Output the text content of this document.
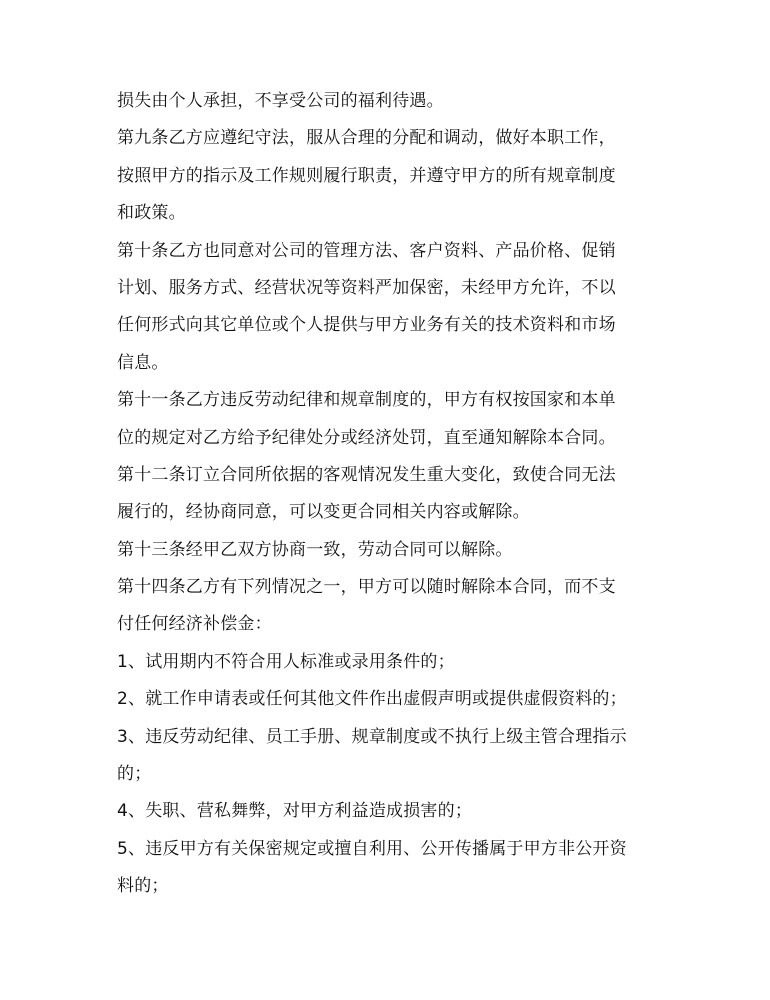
损失由个人承担，不享受公司的福利待遇。
第九条乙方应遵纪守法，服从合理的分配和调动，做好本职工作，
按照甲方的指示及工作规则履行职责，并遵守甲方的所有规章制度
和政策。
第十条乙方也同意对公司的管理方法、客户资料、产品价格、促销
计划、服务方式、经营状况等资料严加保密，未经甲方允许，不以
任何形式向其它单位或个人提供与甲方业务有关的技术资料和市场
信息。
第十一条乙方违反劳动纪律和规章制度的，甲方有权按国家和本单
位的规定对乙方给予纪律处分或经济处罚，直至通知解除本合同。
第十二条订立合同所依据的客观情况发生重大变化，致使合同无法
履行的，经协商同意，可以变更合同相关内容或解除。
第十三条经甲乙双方协商一致，劳动合同可以解除。
第十四条乙方有下列情况之一，甲方可以随时解除本合同，而不支
付任何经济补偿金：
1、试用期内不符合用人标准或录用条件的；
2、就工作申请表或任何其他文件作出虚假声明或提供虚假资料的；
3、违反劳动纪律、员工手册、规章制度或不执行上级主管合理指示
的；
4、失职、营私舞弊，对甲方利益造成损害的；
5、违反甲方有关保密规定或擅自利用、公开传播属于甲方非公开资
料的；
